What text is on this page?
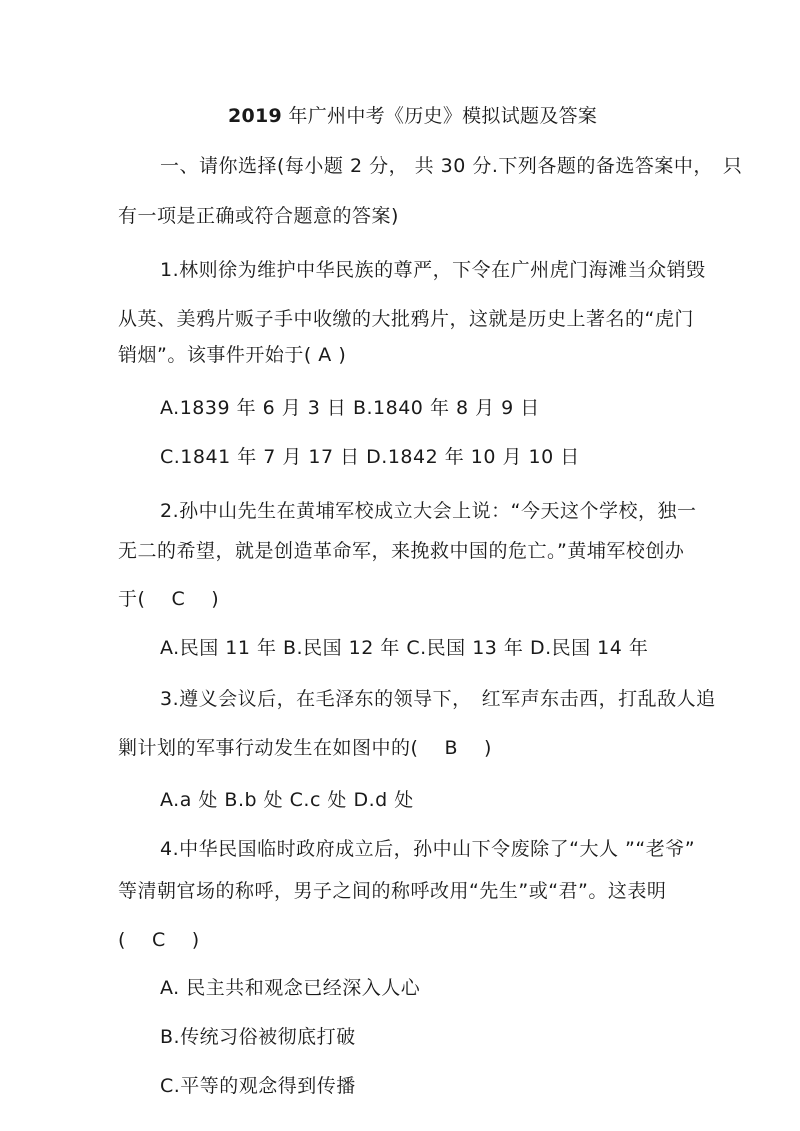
2019 年广州中考《历史》模拟试题及答案
一、请你选择(每小题 2 分， 共 30 分.下列各题的备选答案中，　只
有一项是正确或符合题意的答案)
1.林则徐为维护中华民族的尊严，下令在广州虎门海滩当众销毁
从英、美鸦片贩子手中收缴的大批鸦片，这就是历史上著名的“虎门
销烟”。该事件开始于( A )
A.1839 年 6 月 3 日 B.1840 年 8 月 9 日
C.1841 年 7 月 17 日 D.1842 年 10 月 10 日
2.孙中山先生在黄埔军校成立大会上说：“今天这个学校，独一
无二的希望，就是创造革命军，来挽救中国的危亡。”黄埔军校创办
于(　 C　 )
A.民国 11 年 B.民国 12 年 C.民国 13 年 D.民国 14 年
3.遵义会议后，在毛泽东的领导下，　红军声东击西，打乱敌人追
剿计划的军事行动发生在如图中的(　 B　 )
A.a 处 B.b 处 C.c 处 D.d 处
4.中华民国临时政府成立后，孙中山下令废除了“大人 ”“老爷”
等清朝官场的称呼，男子之间的称呼改用“先生”或“君”。这表明
(　 C　 )
A. 民主共和观念已经深入人心
B.传统习俗被彻底打破
C.平等的观念得到传播
